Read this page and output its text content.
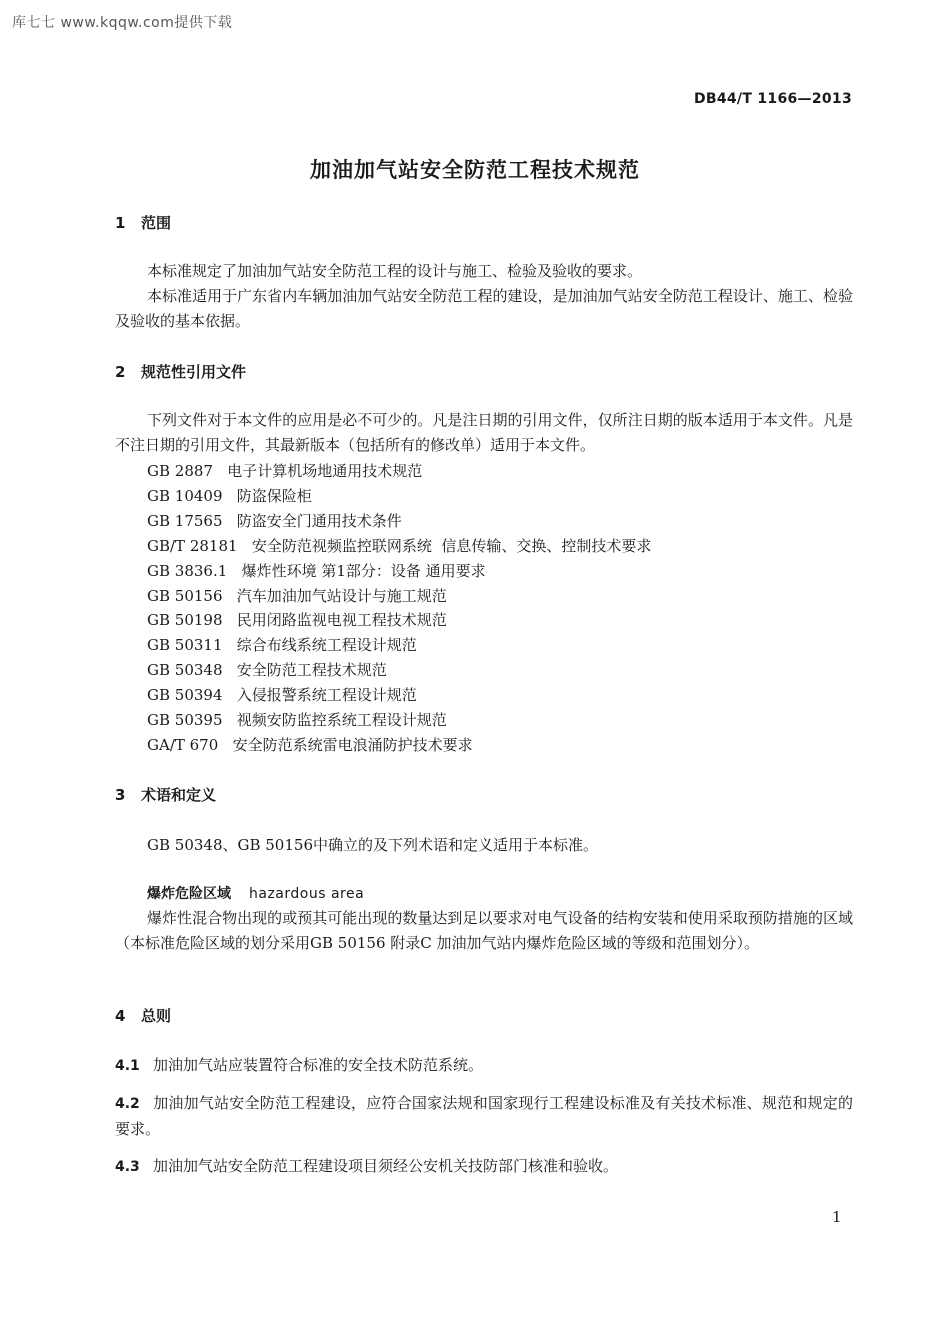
库七七 www.kqqw.com提供下载
DB44/T 1166—2013
加油加气站安全防范工程技术规范
1 范围
本标准规定了加油加气站安全防范工程的设计与施工、检验及验收的要求。
本标准适用于广东省内车辆加油加气站安全防范工程的建设，是加油加气站安全防范工程设计、施工、检验及验收的基本依据。
2 规范性引用文件
下列文件对于本文件的应用是必不可少的。凡是注日期的引用文件，仅所注日期的版本适用于本文件。凡是不注日期的引用文件，其最新版本（包括所有的修改单）适用于本文件。
GB 2887   电子计算机场地通用技术规范
GB 10409   防盗保险柜
GB 17565   防盗安全门通用技术条件
GB/T 28181   安全防范视频监控联网系统  信息传输、交换、控制技术要求
GB 3836.1   爆炸性环境 第1部分：设备 通用要求
GB 50156   汽车加油加气站设计与施工规范
GB 50198   民用闭路监视电视工程技术规范
GB 50311   综合布线系统工程设计规范
GB 50348   安全防范工程技术规范
GB 50394   入侵报警系统工程设计规范
GB 50395   视频安防监控系统工程设计规范
GA/T 670   安全防范系统雷电浪涌防护技术要求
3 术语和定义
GB 50348、GB 50156中确立的及下列术语和定义适用于本标准。
爆炸危险区域 hazardous area
爆炸性混合物出现的或预其可能出现的数量达到足以要求对电气设备的结构安装和使用采取预防措施的区域（本标准危险区域的划分采用GB 50156 附录C 加油加气站内爆炸危险区域的等级和范围划分）。
4 总则
4.1 加油加气站应装置符合标准的安全技术防范系统。
4.2 加油加气站安全防范工程建设，应符合国家法规和国家现行工程建设标准及有关技术标准、规范和规定的要求。
4.3 加油加气站安全防范工程建设项目须经公安机关技防部门核准和验收。
1
